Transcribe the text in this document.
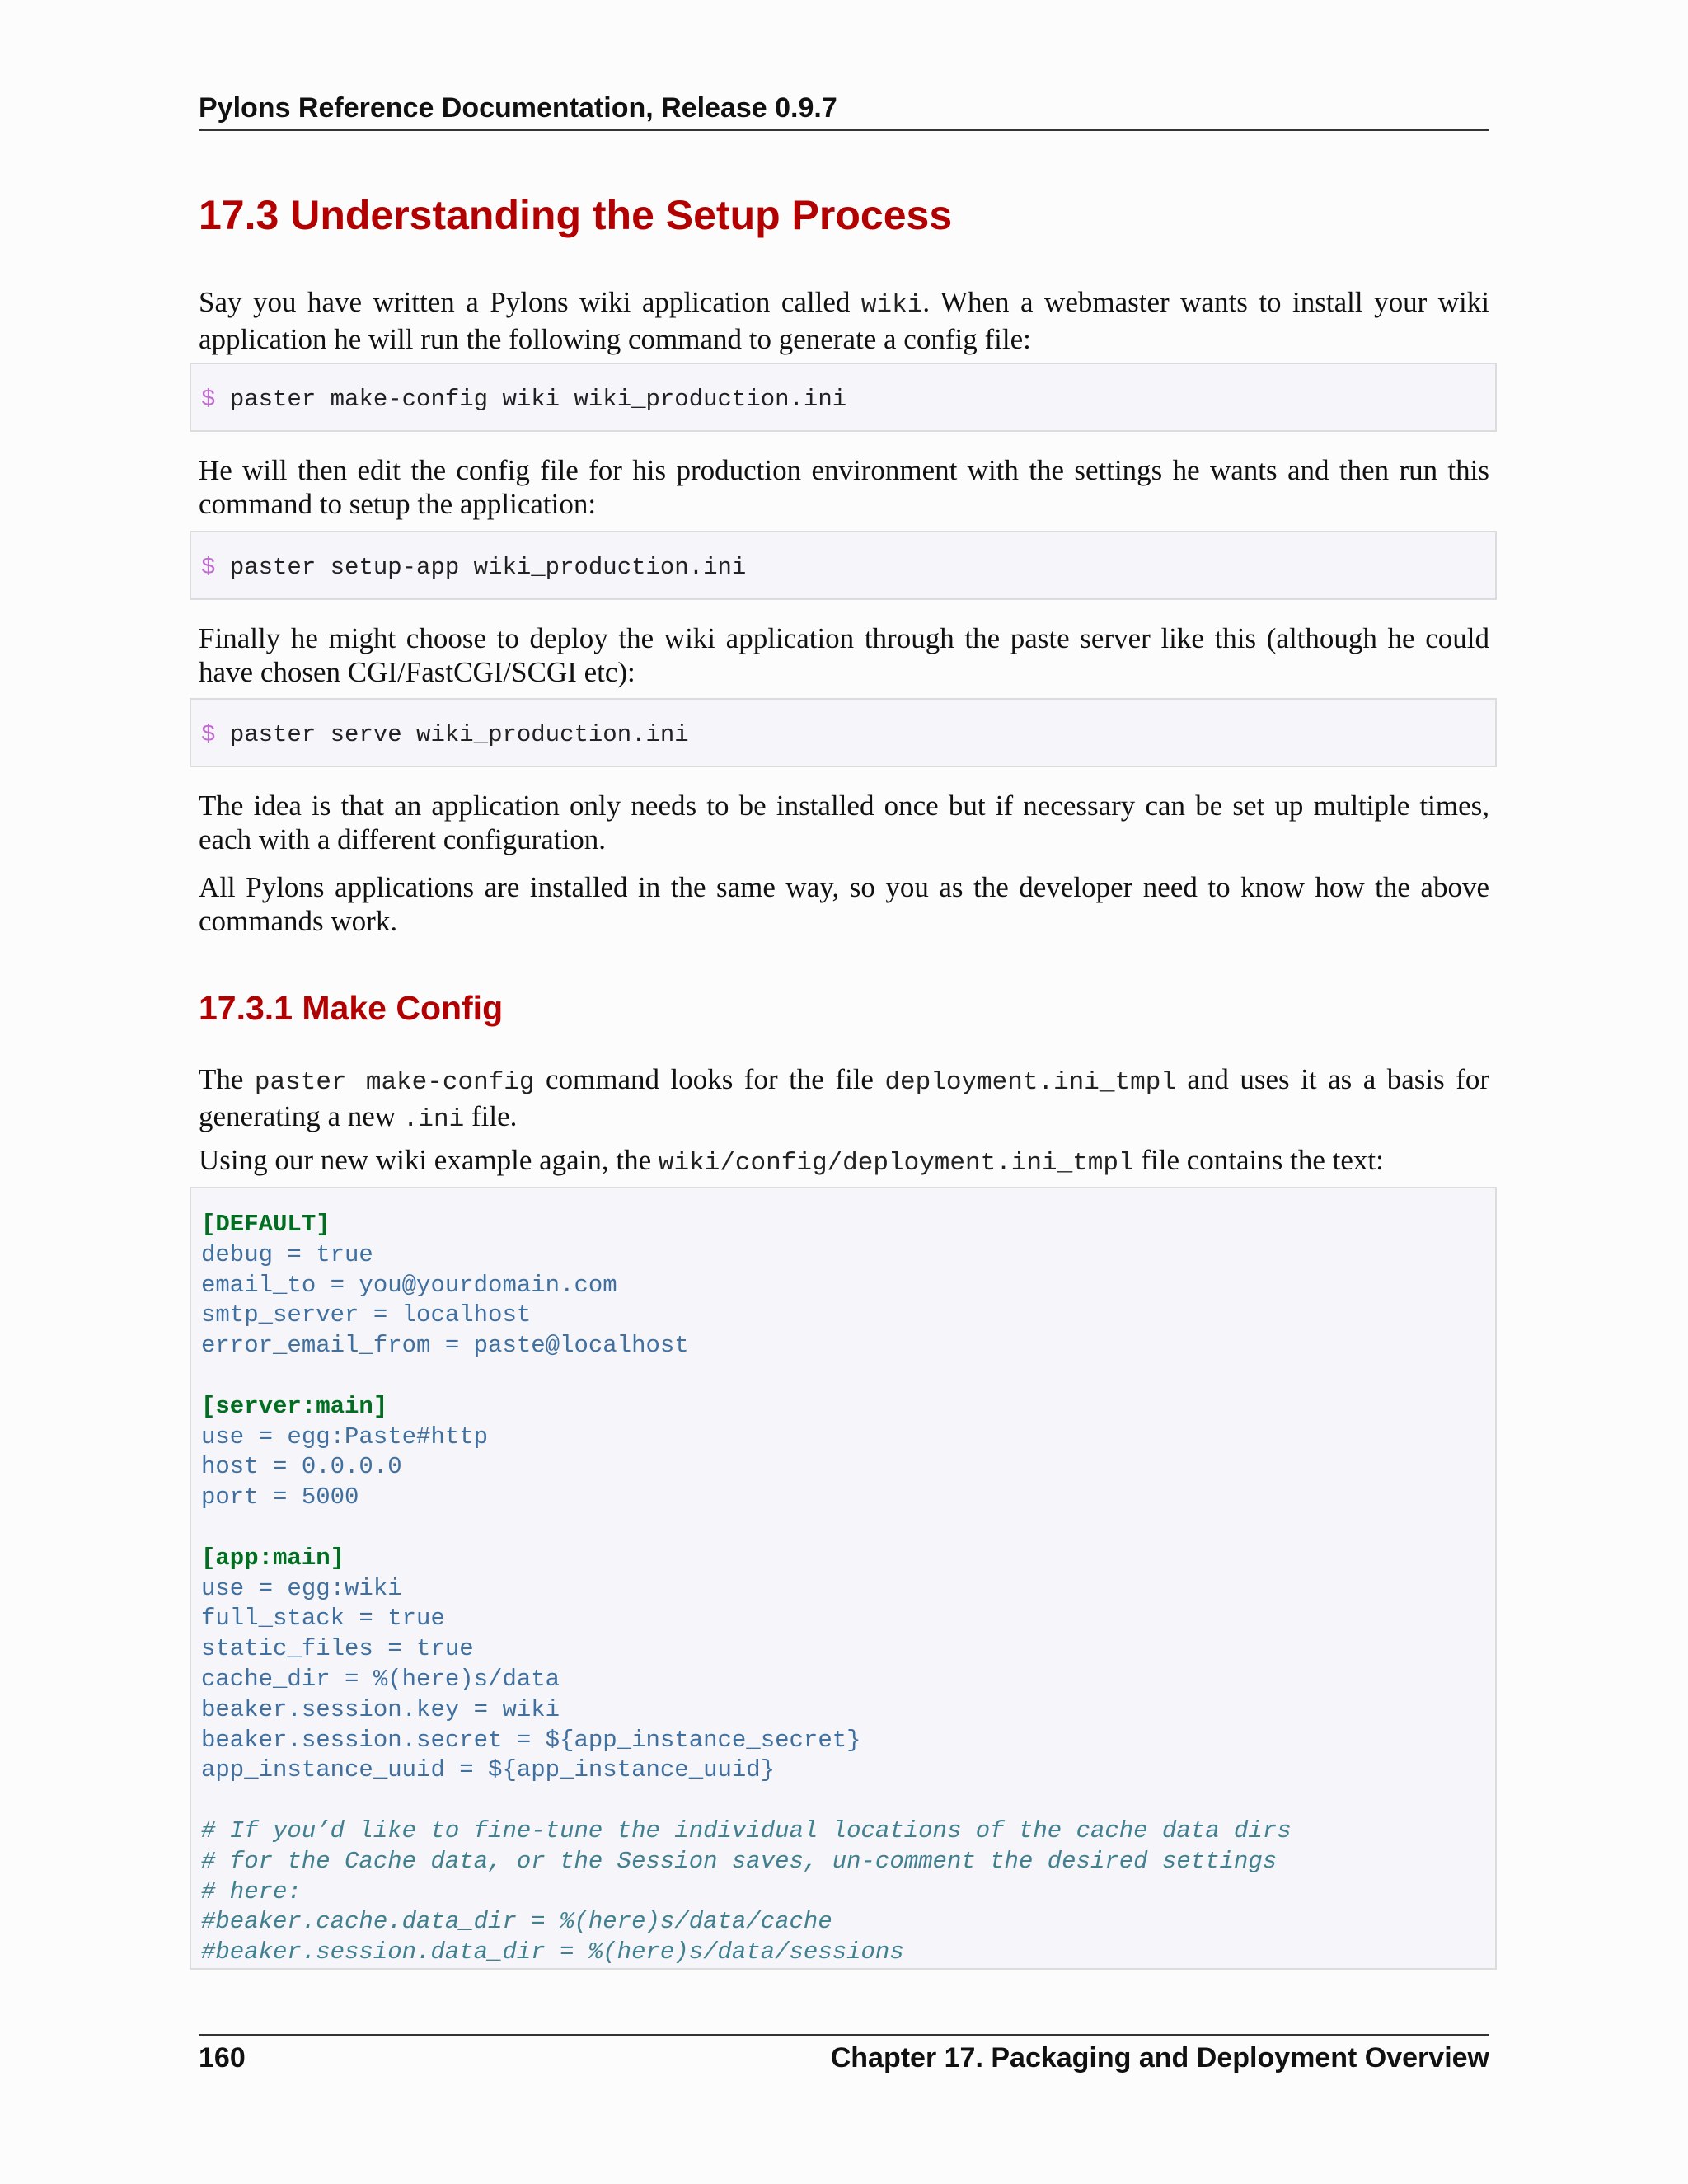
Pylons Reference Documentation, Release 0.9.7
17.3 Understanding the Setup Process

Say you have written a Pylons wiki application called wiki. When a webmaster wants to install your wiki application he will run the following command to generate a config file:

$ paster make-config wiki wiki_production.ini

He will then edit the config file for his production environment with the settings he wants and then run this command to setup the application:

$ paster setup-app wiki_production.ini

Finally he might choose to deploy the wiki application through the paste server like this (although he could have chosen CGI/FastCGI/SCGI etc):

$ paster serve wiki_production.ini

The idea is that an application only needs to be installed once but if necessary can be set up multiple times, each with a different configuration.

All Pylons applications are installed in the same way, so you as the developer need to know how the above commands work.

17.3.1 Make Config

The paster make-config command looks for the file deployment.ini_tmpl and uses it as a basis for generating a new .ini file.

Using our new wiki example again, the wiki/config/deployment.ini_tmpl file contains the text:

[DEFAULT]
debug = true
email_to = you@yourdomain.com
smtp_server = localhost
error_email_from = paste@localhost
[server:main]
use = egg:Paste#http
host = 0.0.0.0
port = 5000
[app:main]
use = egg:wiki
full_stack = true
static_files = true
cache_dir = %(here)s/data
beaker.session.key = wiki
beaker.session.secret = ${app_instance_secret}
app_instance_uuid = ${app_instance_uuid}
# If you’d like to fine-tune the individual locations of the cache data dirs
# for the Cache data, or the Session saves, un-comment the desired settings
# here:
#beaker.cache.data_dir = %(here)s/data/cache
#beaker.session.data_dir = %(here)s/data/sessions
160	Chapter 17. Packaging and Deployment Overview
